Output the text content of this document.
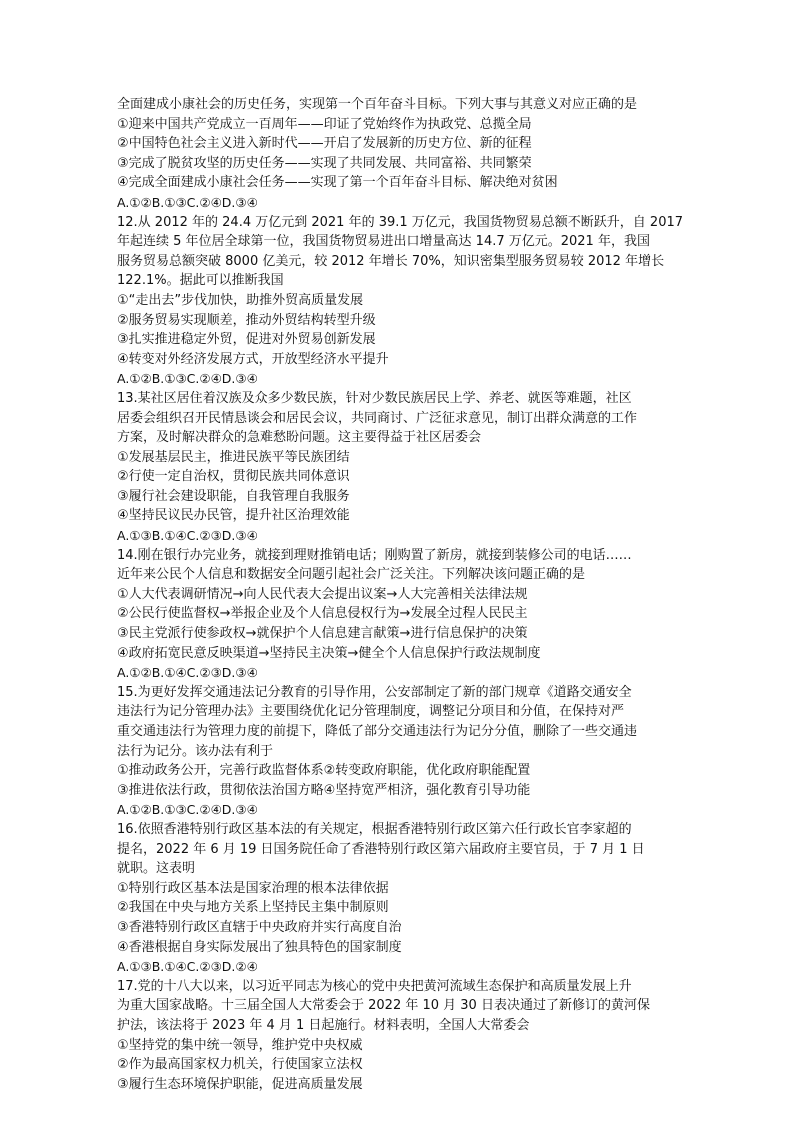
全面建成小康社会的历史任务，实现第一个百年奋斗目标。下列大事与其意义对应正确的是
①迎来中国共产党成立一百周年——印证了党始终作为执政党、总揽全局
②中国特色社会主义进入新时代——开启了发展新的历史方位、新的征程
③完成了脱贫攻坚的历史任务——实现了共同发展、共同富裕、共同繁荣
④完成全面建成小康社会任务——实现了第一个百年奋斗目标、解决绝对贫困
A.①②B.①③C.②④D.③④
12.从 2012 年的 24.4 万亿元到 2021 年的 39.1 万亿元，我国货物贸易总额不断跃升，自 2017
年起连续 5 年位居全球第一位，我国货物贸易进出口增量高达 14.7 万亿元。2021 年，我国
服务贸易总额突破 8000 亿美元，较 2012 年增长 70%，知识密集型服务贸易较 2012 年增长
122.1%。据此可以推断我国
①“走出去”步伐加快，助推外贸高质量发展
②服务贸易实现顺差，推动外贸结构转型升级
③扎实推进稳定外贸，促进对外贸易创新发展
④转变对外经济发展方式，开放型经济水平提升
A.①②B.①③C.②④D.③④
13.某社区居住着汉族及众多少数民族，针对少数民族居民上学、养老、就医等难题，社区
居委会组织召开民情恳谈会和居民会议，共同商讨、广泛征求意见，制订出群众满意的工作
方案，及时解决群众的急难愁盼问题。这主要得益于社区居委会
①发展基层民主，推进民族平等民族团结
②行使一定自治权，贯彻民族共同体意识
③履行社会建设职能，自我管理自我服务
④坚持民议民办民管，提升社区治理效能
A.①③B.①④C.②③D.③④
14.刚在银行办完业务，就接到理财推销电话；刚购置了新房，就接到装修公司的电话……
近年来公民个人信息和数据安全问题引起社会广泛关注。下列解决该问题正确的是
①人大代表调研情况→向人民代表大会提出议案→人大完善相关法律法规
②公民行使监督权→举报企业及个人信息侵权行为→发展全过程人民民主
③民主党派行使参政权→就保护个人信息建言献策→进行信息保护的决策
④政府拓宽民意反映渠道→坚持民主决策→健全个人信息保护行政法规制度
A.①②B.①④C.②③D.③④
15.为更好发挥交通违法记分教育的引导作用，公安部制定了新的部门规章《道路交通安全
违法行为记分管理办法》主要围绕优化记分管理制度，调整记分项目和分值，在保持对严
重交通违法行为管理力度的前提下，降低了部分交通违法行为记分分值，删除了一些交通违
法行为记分。该办法有利于
①推动政务公开，完善行政监督体系②转变政府职能，优化政府职能配置
③推进依法行政，贯彻依法治国方略④坚持宽严相济，强化教育引导功能
A.①②B.①③C.②④D.③④
16.依照香港特别行政区基本法的有关规定，根据香港特别行政区第六任行政长官李家超的
提名，2022 年 6 月 19 日国务院任命了香港特别行政区第六届政府主要官员，于 7 月 1 日
就职。这表明
①特别行政区基本法是国家治理的根本法律依据
②我国在中央与地方关系上坚持民主集中制原则
③香港特别行政区直辖于中央政府并实行高度自治
④香港根据自身实际发展出了独具特色的国家制度
A.①③B.①④C.②③D.②④
17.党的十八大以来，以习近平同志为核心的党中央把黄河流域生态保护和高质量发展上升
为重大国家战略。十三届全国人大常委会于 2022 年 10 月 30 日表决通过了新修订的黄河保
护法，该法将于 2023 年 4 月 1 日起施行。材料表明，全国人大常委会
①坚持党的集中统一领导，维护党中央权威
②作为最高国家权力机关，行使国家立法权
③履行生态环境保护职能，促进高质量发展
